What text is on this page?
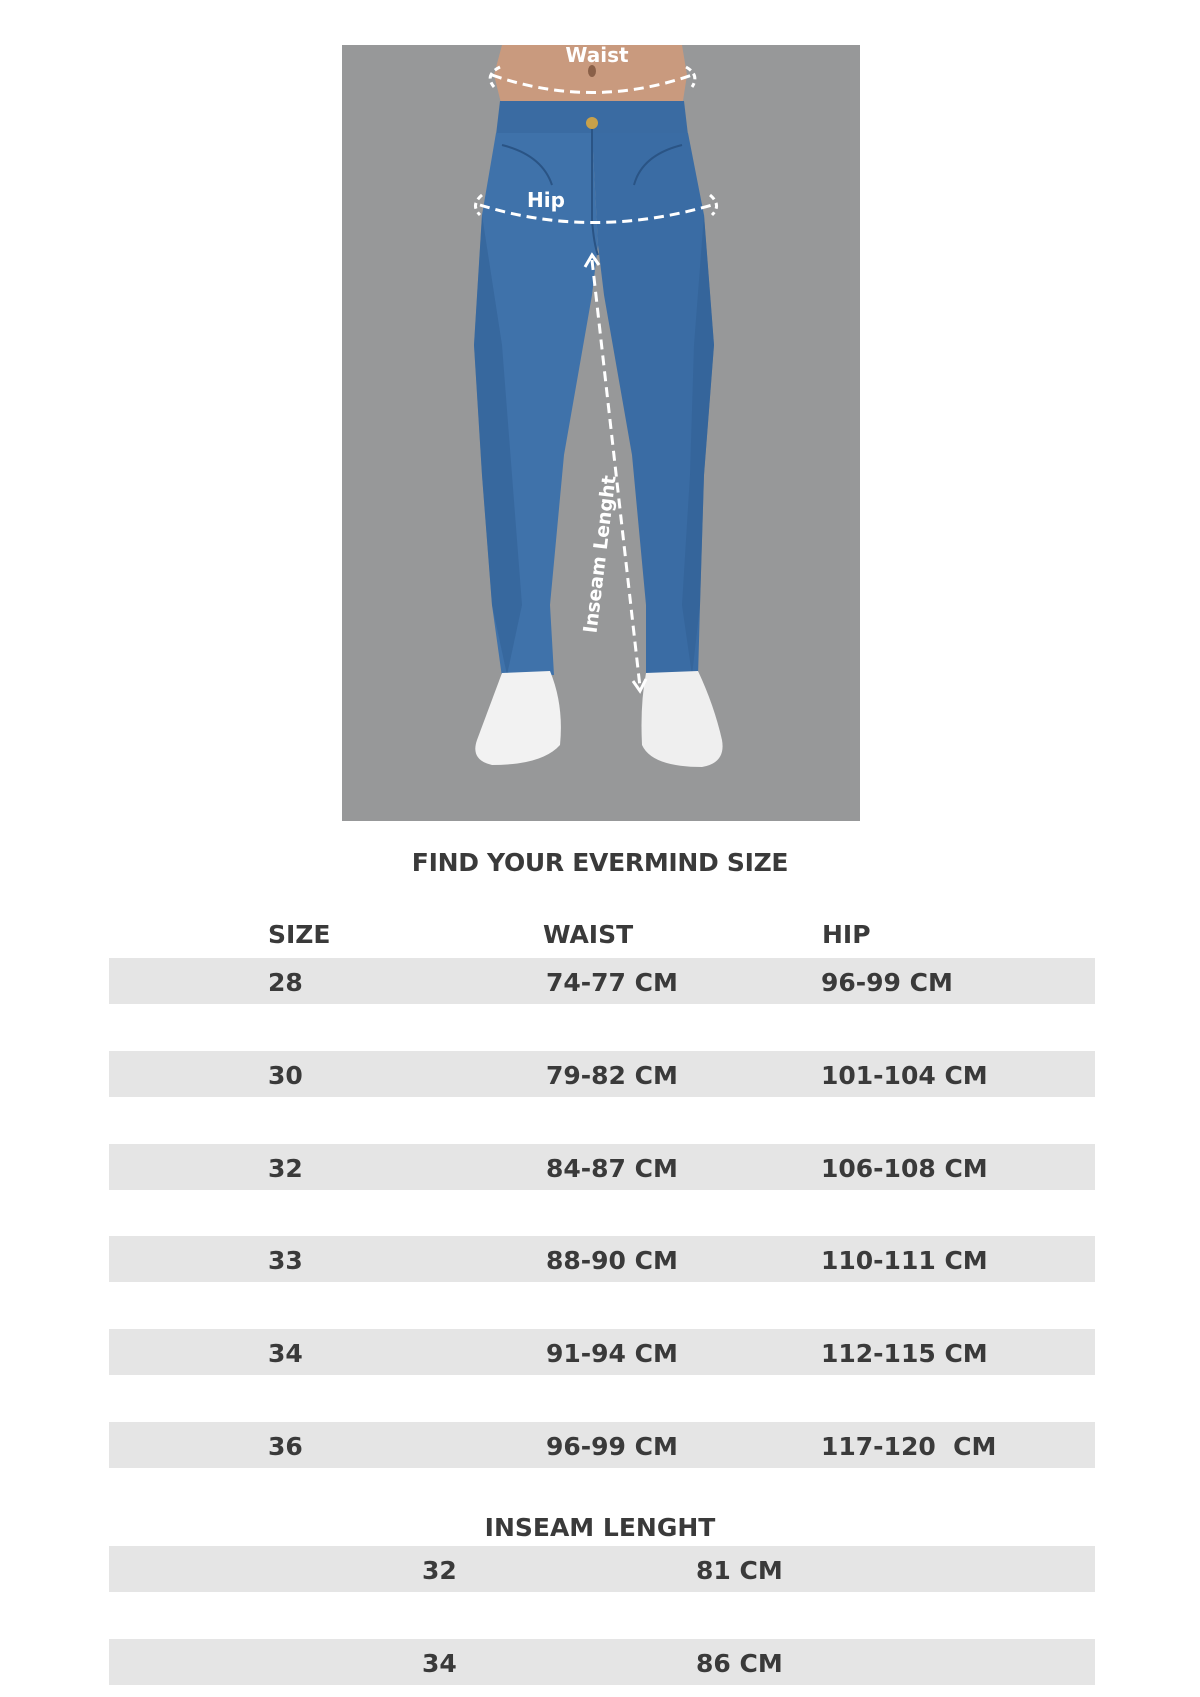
Waist
Hip
Inseam Lenght
FIND YOUR EVERMIND SIZE
SIZE	WAIST	HIP
28	74-77 CM	96-99 CM
30	79-82 CM	101-104 CM
32	84-87 CM	106-108 CM
33	88-90 CM	110-111 CM
34	91-94 CM	112-115 CM
36	96-99 CM	117-120  CM
INSEAM LENGHT
32	81 CM
34	86 CM
